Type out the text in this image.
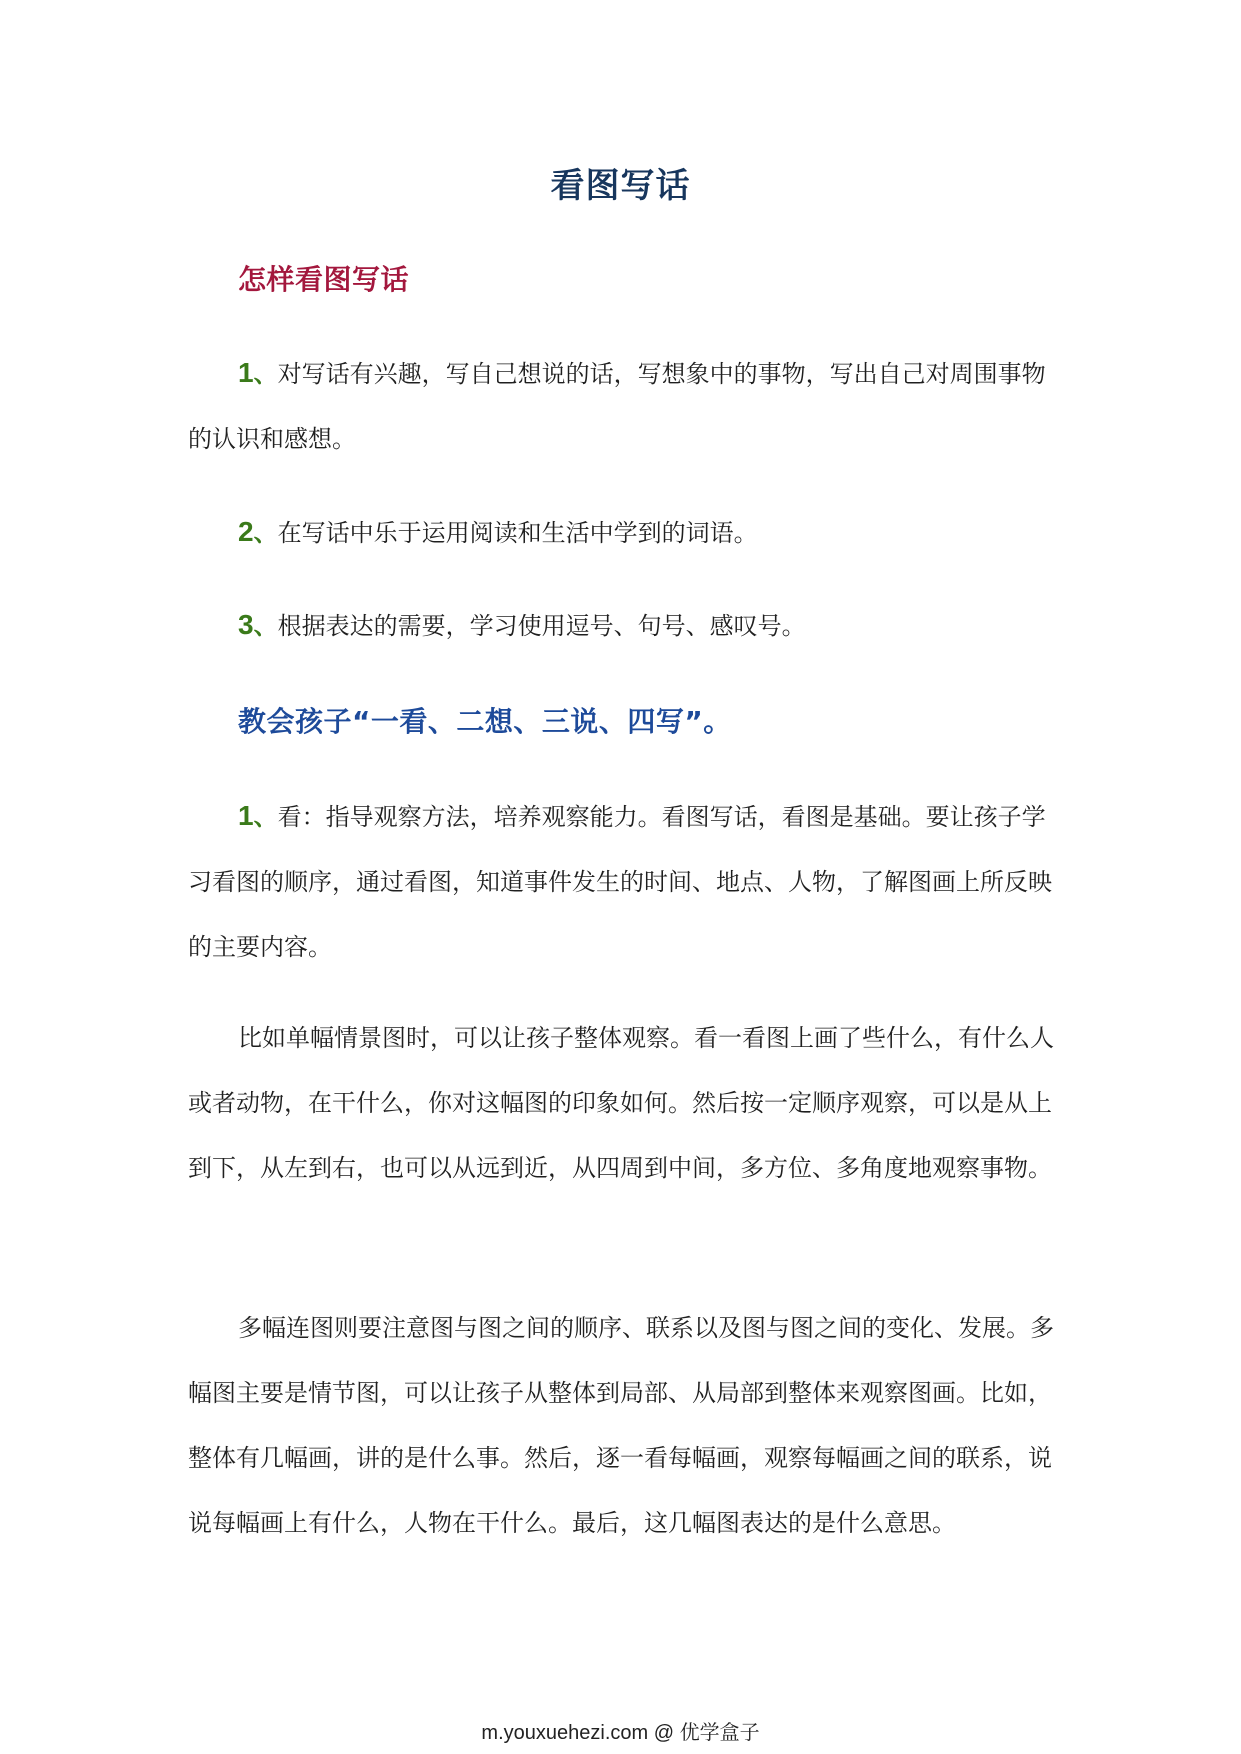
看图写话
怎样看图写话

1、对写话有兴趣，写自己想说的话，写想象中的事物，写出自己对周围事物的认识和感想。

2、在写话中乐于运用阅读和生活中学到的词语。

3、根据表达的需要，学习使用逗号、句号、感叹号。

教会孩子“一看、二想、三说、四写”。

1、看：指导观察方法，培养观察能力。看图写话，看图是基础。要让孩子学习看图的顺序，通过看图，知道事件发生的时间、地点、人物，了解图画上所反映的主要内容。

比如单幅情景图时，可以让孩子整体观察。看一看图上画了些什么，有什么人或者动物，在干什么，你对这幅图的印象如何。然后按一定顺序观察，可以是从上到下，从左到右，也可以从远到近，从四周到中间，多方位、多角度地观察事物。

多幅连图则要注意图与图之间的顺序、联系以及图与图之间的变化、发展。多幅图主要是情节图，可以让孩子从整体到局部、从局部到整体来观察图画。比如，整体有几幅画，讲的是什么事。然后，逐一看每幅画，观察每幅画之间的联系，说说每幅画上有什么，人物在干什么。最后，这几幅图表达的是什么意思。

m.youxuehezi.com @ 优学盒子
